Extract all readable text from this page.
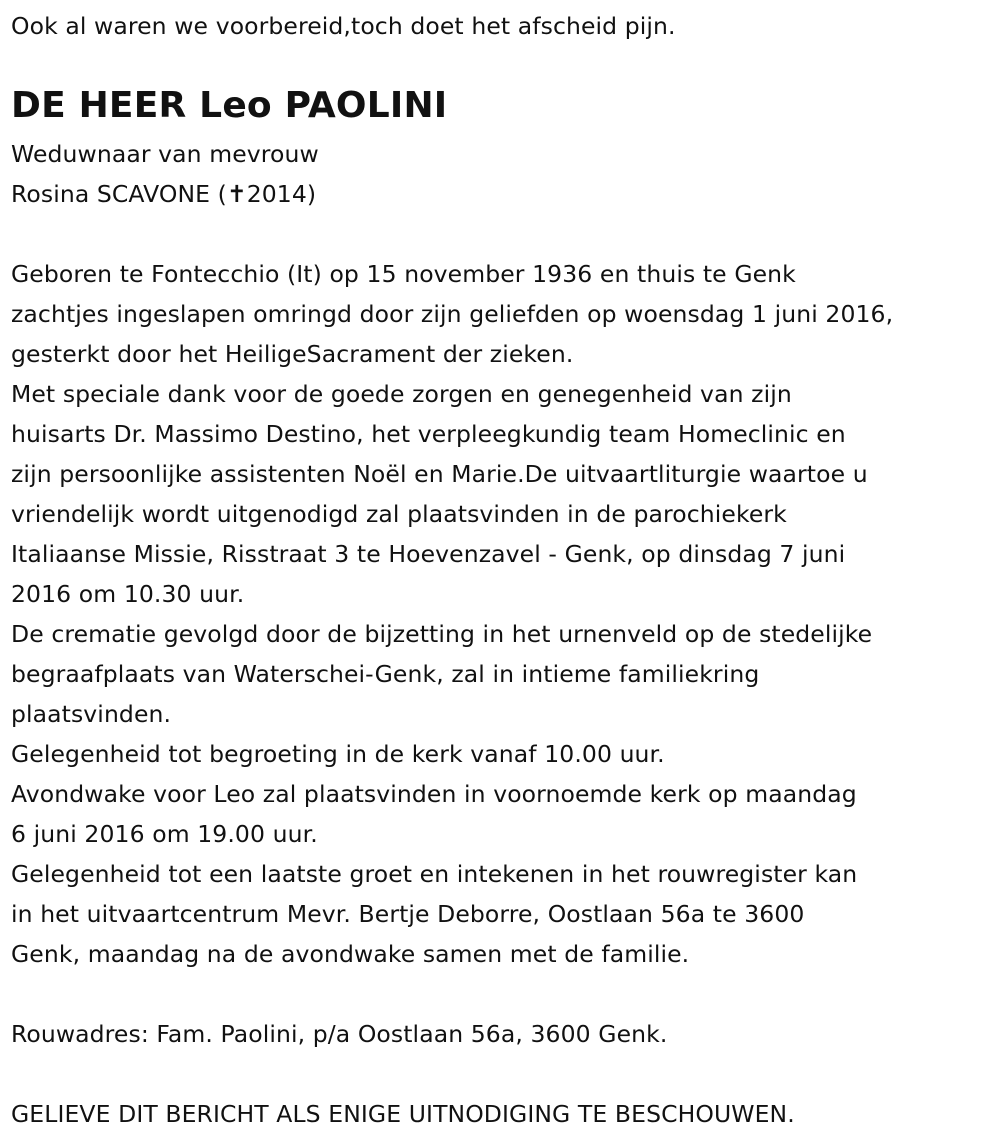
Ook al waren we voorbereid,toch doet het afscheid pijn.
DE HEER Leo PAOLINI
Weduwnaar van mevrouw
Rosina SCAVONE (✝2014)
Geboren te Fontecchio (It) op 15 november 1936 en thuis te Genk
zachtjes ingeslapen omringd door zijn geliefden op woensdag 1 juni 2016,
gesterkt door het HeiligeSacrament der zieken.
Met speciale dank voor de goede zorgen en genegenheid van zijn
huisarts Dr. Massimo Destino, het verpleegkundig team Homeclinic en
zijn persoonlijke assistenten Noël en Marie.De uitvaartliturgie waartoe u
vriendelijk wordt uitgenodigd zal plaatsvinden in de parochiekerk
Italiaanse Missie, Risstraat 3 te Hoevenzavel - Genk, op dinsdag 7 juni
2016 om 10.30 uur.
De crematie gevolgd door de bijzetting in het urnenveld op de stedelijke
begraafplaats van Waterschei-Genk, zal in intieme familiekring
plaatsvinden.
Gelegenheid tot begroeting in de kerk vanaf 10.00 uur.
Avondwake voor Leo zal plaatsvinden in voornoemde kerk op maandag
6 juni 2016 om 19.00 uur.
Gelegenheid tot een laatste groet en intekenen in het rouwregister kan
in het uitvaartcentrum Mevr. Bertje Deborre, Oostlaan 56a te 3600
Genk, maandag na de avondwake samen met de familie.
Rouwadres: Fam. Paolini, p/a Oostlaan 56a, 3600 Genk.
GELIEVE DIT BERICHT ALS ENIGE UITNODIGING TE BESCHOUWEN.
